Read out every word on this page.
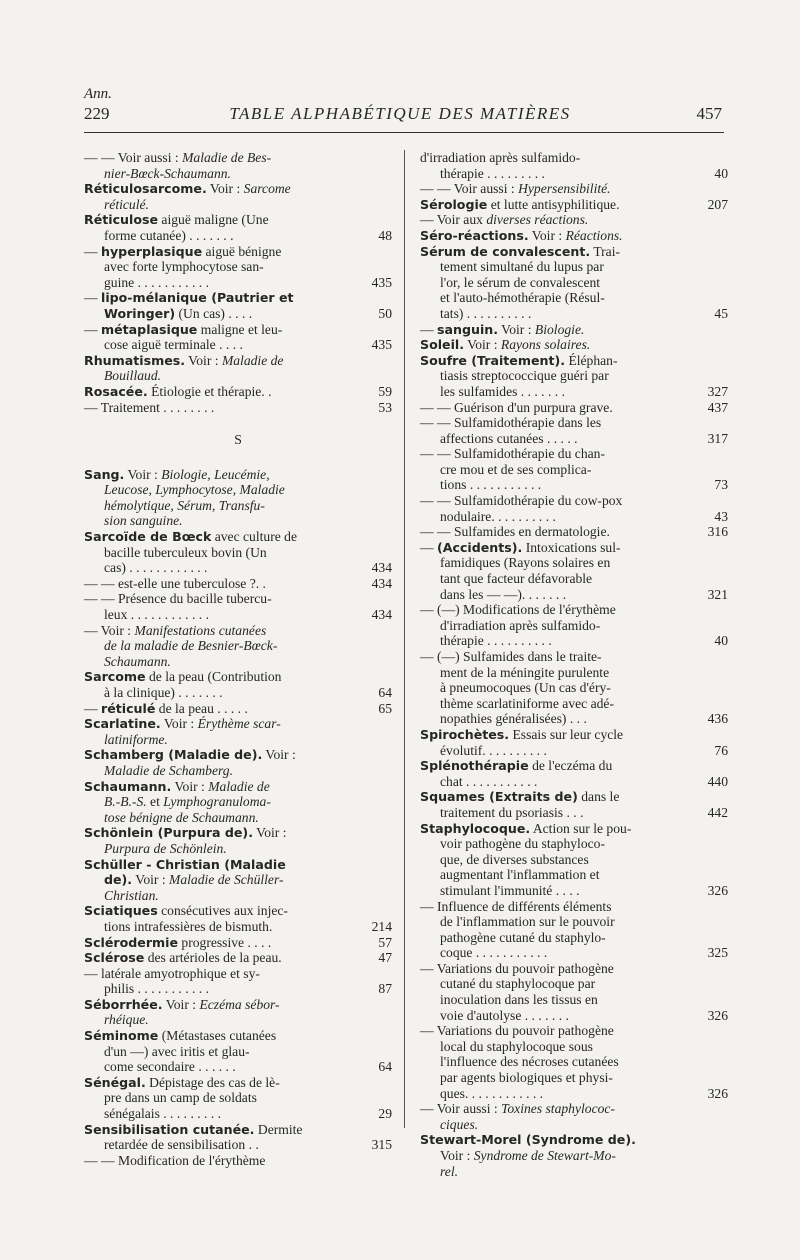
Ann.
229	TABLE ALPHABÉTIQUE DES MATIÈRES	457
— — Voir aussi : Maladie de Bes-
nier-Bœck-Schaumann.
Réticulosarcome. Voir : Sarcome
réticulé.
Réticulose aiguë maligne (Une
forme cutanée) . . . . . . .	48
— hyperplasique aiguë bénigne
avec forte lymphocytose san-
guine . . . . . . . . . . .	435
— lipo-mélanique (Pautrier et
Woringer) (Un cas) . . . .	50
— métaplasique maligne et leu-
cose aiguë terminale . . . .	435
Rhumatismes. Voir : Maladie de
Bouillaud.
Rosacée. Étiologie et thérapie. .	59
— Traitement . . . . . . . .	53
S
Sang. Voir : Biologie, Leucémie,
Leucose, Lymphocytose, Maladie
hémolytique, Sérum, Transfu-
sion sanguine.
Sarcoïde de Bœck avec culture de
bacille tuberculeux bovin (Un
cas) . . . . . . . . . . . .	434
— — est-elle une tuberculose ?. .	434
— — Présence du bacille tubercu-
leux . . . . . . . . . . . .	434
— Voir : Manifestations cutanées
de la maladie de Besnier-Bœck-
Schaumann.
Sarcome de la peau (Contribution
à la clinique) . . . . . . .	64
— réticulé de la peau . . . . .	65
Scarlatine. Voir : Érythème scar-
latiniforme.
Schamberg (Maladie de). Voir :
Maladie de Schamberg.
Schaumann. Voir : Maladie de
B.-B.-S. et Lymphogranuloma-
tose bénigne de Schaumann.
Schönlein (Purpura de). Voir :
Purpura de Schönlein.
Schüller - Christian (Maladie
de). Voir : Maladie de Schüller-
Christian.
Sciatiques consécutives aux injec-
tions intrafessières de bismuth.	214
Sclérodermie progressive . . . .	57
Sclérose des artérioles de la peau.	47
— latérale amyotrophique et sy-
philis . . . . . . . . . . .	87
Séborrhée. Voir : Eczéma sébor-
rhéique.
Séminome (Métastases cutanées
d'un —) avec iritis et glau-
come secondaire . . . . . .	64
Sénégal. Dépistage des cas de lè-
pre dans un camp de soldats
sénégalais . . . . . . . . .	29
Sensibilisation cutanée. Dermite
retardée de sensibilisation . .	315
— — Modification de l'érythème
d'irradiation après sulfamido-
thérapie . . . . . . . . .	40
— — Voir aussi : Hypersensibilité.
Sérologie et lutte antisyphilitique.	207
— Voir aux diverses réactions.
Séro-réactions. Voir : Réactions.
Sérum de convalescent. Trai-
tement simultané du lupus par
l'or, le sérum de convalescent
et l'auto-hémothérapie (Résul-
tats) . . . . . . . . . .	45
— sanguin. Voir : Biologie.
Soleil. Voir : Rayons solaires.
Soufre (Traitement). Éléphan-
tiasis streptococcique guéri par
les sulfamides . . . . . . .	327
— — Guérison d'un purpura grave.	437
— — Sulfamidothérapie dans les
affections cutanées . . . . .	317
— — Sulfamidothérapie du chan-
cre mou et de ses complica-
tions . . . . . . . . . . .	73
— — Sulfamidothérapie du cow-pox
nodulaire. . . . . . . . . .	43
— — Sulfamides en dermatologie.	316
— (Accidents). Intoxications sul-
famidiques (Rayons solaires en
tant que facteur défavorable
dans les — —). . . . . . .	321
— (—) Modifications de l'érythème
d'irradiation après sulfamido-
thérapie . . . . . . . . . .	40
— (—) Sulfamides dans le traite-
ment de la méningite purulente
à pneumocoques (Un cas d'éry-
thème scarlatiniforme avec adé-
nopathies généralisées) . . .	436
Spirochètes. Essais sur leur cycle
évolutif. . . . . . . . . .	76
Splénothérapie de l'eczéma du
chat . . . . . . . . . . .	440
Squames (Extraits de) dans le
traitement du psoriasis . . .	442
Staphylocoque. Action sur le pou-
voir pathogène du staphyloco-
que, de diverses substances
augmentant l'inflammation et
stimulant l'immunité . . . .	326
— Influence de différents éléments
de l'inflammation sur le pouvoir
pathogène cutané du staphylo-
coque . . . . . . . . . . .	325
— Variations du pouvoir pathogène
cutané du staphylocoque par
inoculation dans les tissus en
voie d'autolyse . . . . . . .	326
— Variations du pouvoir pathogène
local du staphylocoque sous
l'influence des nécroses cutanées
par agents biologiques et physi-
ques. . . . . . . . . . . .	326
— Voir aussi : Toxines staphylococ-
ciques.
Stewart-Morel (Syndrome de).
Voir : Syndrome de Stewart-Mo-
rel.
